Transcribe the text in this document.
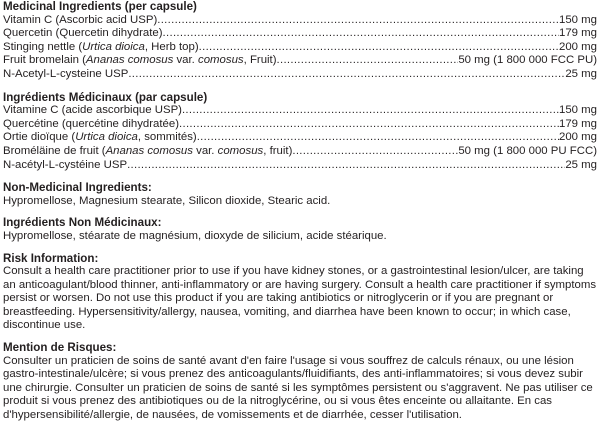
Medicinal Ingredients (per capsule)

Vitamin C (Ascorbic acid USP) .....	150 mg
Quercetin (Quercetin dihydrate) .....	179 mg
Stinging nettle (Urtica dioica, Herb top) .....	200 mg
Fruit bromelain (Ananas comosus var. comosus, Fruit) .....	50 mg (1 800 000 FCC PU)
N-Acetyl-L-cysteine USP .....	25 mg

Ingrédients Médicinaux (par capsule)

Vitamine C (acide ascorbique USP) .....	150 mg
Quercétine (quercétine dihydratée) .....	179 mg
Ortie dioïque (Urtica dioica, sommités) .....	200 mg
Broméläine de fruit (Ananas comosus var. comosus, fruit) .....	50 mg (1 800 000 PU FCC)
N-acétyl-L-cystéine USP .....	25 mg

Non-Medicinal Ingredients:

Hypromellose, Magnesium stearate, Silicon dioxide, Stearic acid.

Ingrédients Non Médicinaux:

Hypromellose, stéarate de magnésium, dioxyde de silicium, acide stéarique.

Risk Information:

Consult a health care practitioner prior to use if you have kidney stones, or a gastrointestinal lesion/ulcer, are taking an anticoagulant/blood thinner, anti-inflammatory or are having surgery. Consult a health care practitioner if symptoms persist or worsen. Do not use this product if you are taking antibiotics or nitroglycerin or if you are pregnant or breastfeeding. Hypersensitivity/allergy, nausea, vomiting, and diarrhea have been known to occur; in which case, discontinue use.

Mention de Risques:

Consulter un praticien de soins de santé avant d'en faire l'usage si vous souffrez de calculs rénaux, ou une lésion gastro-intestinale/ulcère; si vous prenez des anticoagulants/fluidifiants, des anti-inflammatoires; si vous devez subir une chirurgie. Consulter un praticien de soins de santé si les symptômes persistent ou s'aggravent. Ne pas utiliser ce produit si vous prenez des antibiotiques ou de la nitroglycérine, ou si vous êtes enceinte ou allaitante. En cas d'hypersensibilité/allergie, de nausées, de vomissements et de diarrhée, cesser l'utilisation.
